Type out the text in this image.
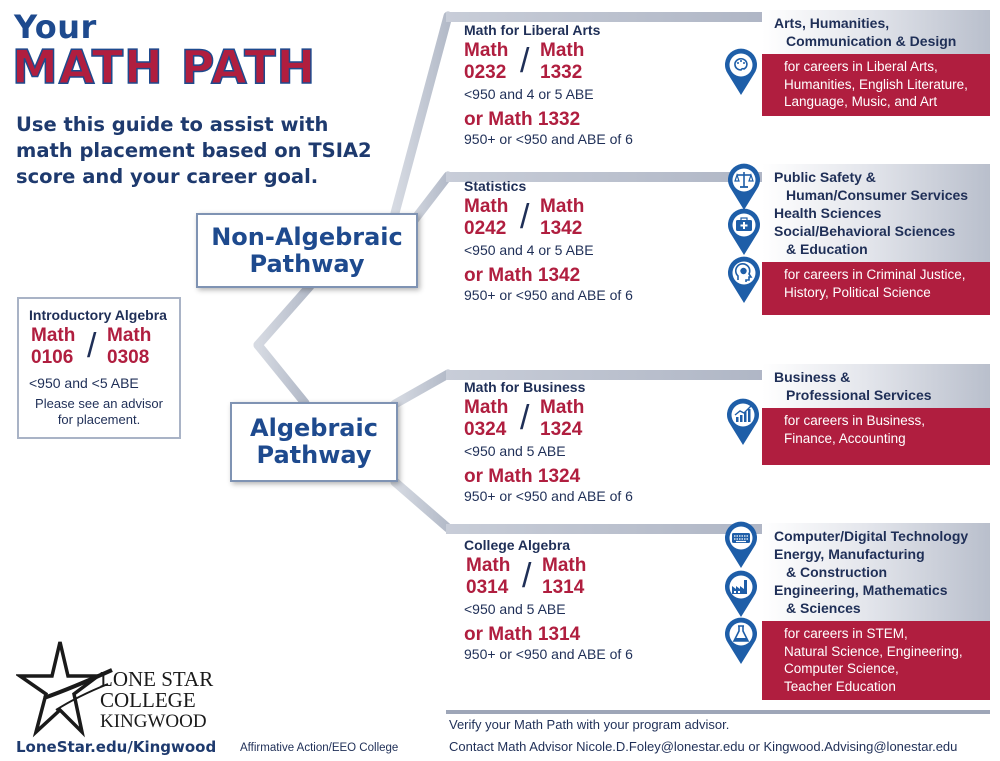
Your
MATH PATH
Use this guide to assist with math placement based on TSIA2 score and your career goal.
Non-Algebraic
Pathway
Algebraic
Pathway
Introductory Algebra
Math
0106 / Math
0308
<950 and <5 ABE
Please see an advisor for placement.
Math for Liberal Arts
Math
0232 / Math
1332
<950 and 4 or 5 ABE
or Math 1332
950+ or <950 and ABE of 6
Statistics
Math
0242 / Math
1342
<950 and 4 or 5 ABE
or Math 1342
950+ or <950 and ABE of 6
Math for Business
Math
0324 / Math
1324
<950 and 5 ABE
or Math 1324
950+ or <950 and ABE of 6
College Algebra
Math
0314 / Math
1314
<950 and 5 ABE
or Math 1314
950+ or <950 and ABE of 6
Arts, Humanities,
Communication & Design
for careers in Liberal Arts,
Humanities, English Literature,
Language, Music, and Art
Public Safety &
Human/Consumer Services
Health Sciences
Social/Behavioral Sciences
& Education
for careers in Criminal Justice,
History, Political Science
Business &
Professional Services
for careers in Business,
Finance, Accounting
Computer/Digital Technology
Energy, Manufacturing
& Construction
Engineering, Mathematics
& Sciences
for careers in STEM,
Natural Science, Engineering,
Computer Science,
Teacher Education
LONE STAR
COLLEGE
KINGWOOD
LoneStar.edu/Kingwood Affirmative Action/EEO College
Verify your Math Path with your program advisor.
Contact Math Advisor Nicole.D.Foley@lonestar.edu or Kingwood.Advising@lonestar.edu
